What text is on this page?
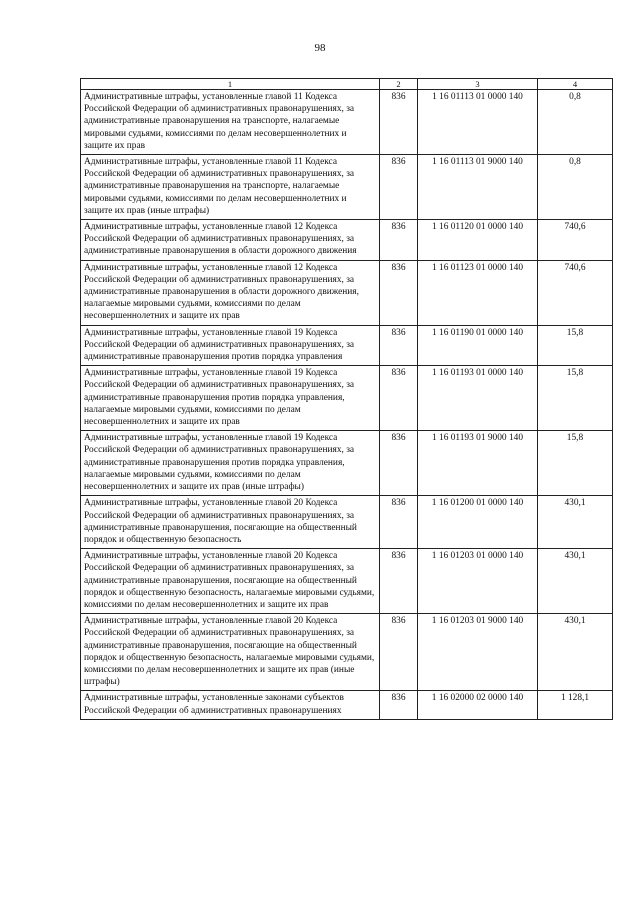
98
1	2	3	4
Административные штрафы, установленные главой 11 Кодекса Российской Федерации об административных правонарушениях, за административные правонарушения на транспорте, налагаемые мировыми судьями, комиссиями по делам несовершеннолетних и защите их прав	836	1 16 01113 01 0000 140	0,8
Административные штрафы, установленные главой 11 Кодекса Российской Федерации об административных правонарушениях, за административные правонарушения на транспорте, налагаемые мировыми судьями, комиссиями по делам несовершеннолетних и защите их прав (иные штрафы)	836	1 16 01113 01 9000 140	0,8
Административные штрафы, установленные главой 12 Кодекса Российской Федерации об административных правонарушениях, за административные правонарушения в области дорожного движения	836	1 16 01120 01 0000 140	740,6
Административные штрафы, установленные главой 12 Кодекса Российской Федерации об административных правонарушениях, за административные правонарушения в области дорожного движения, налагаемые мировыми судьями, комиссиями по делам несовершеннолетних и защите их прав	836	1 16 01123 01 0000 140	740,6
Административные штрафы, установленные главой 19 Кодекса Российской Федерации об административных правонарушениях, за административные правонарушения против порядка управления	836	1 16 01190 01 0000 140	15,8
Административные штрафы, установленные главой 19 Кодекса Российской Федерации об административных правонарушениях, за административные правонарушения против порядка управления, налагаемые мировыми судьями, комиссиями по делам несовершеннолетних и защите их прав	836	1 16 01193 01 0000 140	15,8
Административные штрафы, установленные главой 19 Кодекса Российской Федерации об административных правонарушениях, за административные правонарушения против порядка управления, налагаемые мировыми судьями, комиссиями по делам несовершеннолетних и защите их прав (иные штрафы)	836	1 16 01193 01 9000 140	15,8
Административные штрафы, установленные главой 20 Кодекса Российской Федерации об административных правонарушениях, за административные правонарушения, посягающие на общественный порядок и общественную безопасность	836	1 16 01200 01 0000 140	430,1
Административные штрафы, установленные главой 20 Кодекса Российской Федерации об административных правонарушениях, за административные правонарушения, посягающие на общественный порядок и общественную безопасность, налагаемые мировыми судьями, комиссиями по делам несовершеннолетних и защите их прав	836	1 16 01203 01 0000 140	430,1
Административные штрафы, установленные главой 20 Кодекса Российской Федерации об административных правонарушениях, за административные правонарушения, посягающие на общественный порядок и общественную безопасность, налагаемые мировыми судьями, комиссиями по делам несовершеннолетних и защите их прав (иные штрафы)	836	1 16 01203 01 9000 140	430,1
Административные штрафы, установленные законами субъектов Российской Федерации об административных правонарушениях	836	1 16 02000 02 0000 140	1 128,1
